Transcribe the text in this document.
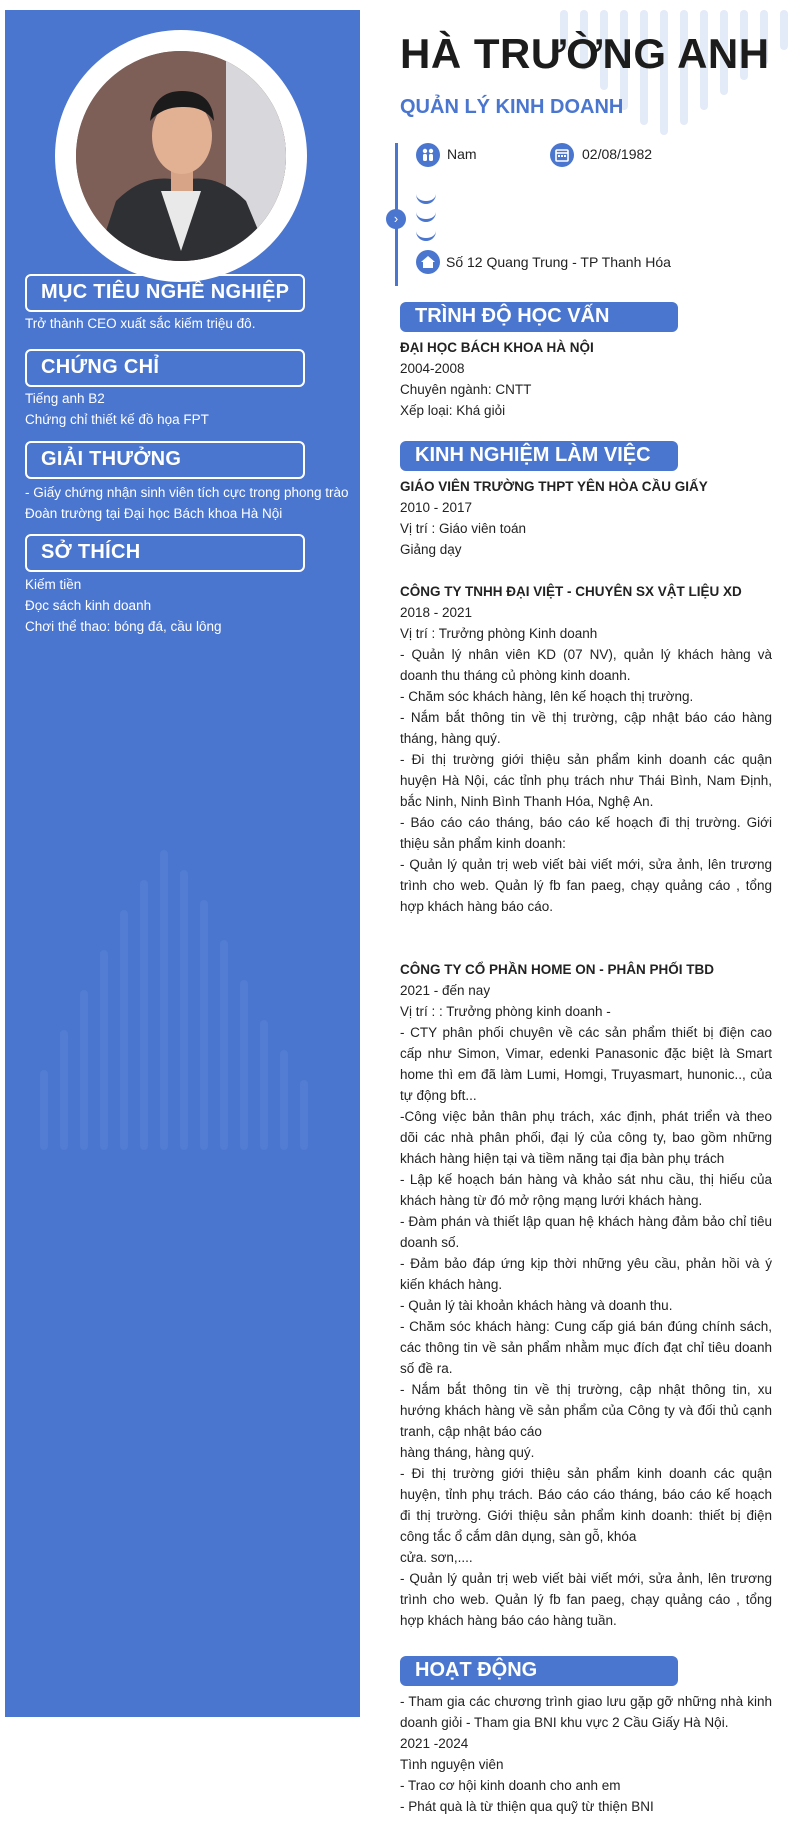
MỤC TIÊU NGHỀ NGHIỆP
Trở thành CEO xuất sắc kiếm triệu đô.
CHỨNG CHỈ
Tiếng anh B2
Chứng chỉ thiết kế đồ họa FPT
GIẢI THƯỞNG
- Giấy chứng nhận sinh viên tích cực trong phong trào Đoàn trường tại Đại học Bách khoa Hà Nội
SỞ THÍCH
Kiếm tiền
Đọc sách kinh doanh
Chơi thể thao: bóng đá, cầu lông
HÀ TRƯỜNG ANH
QUẢN LÝ KINH DOANH
›
Nam	02/08/1982
Số 12 Quang Trung - TP Thanh Hóa
TRÌNH ĐỘ HỌC VẤN
ĐẠI HỌC BÁCH KHOA HÀ NỘI
2004-2008
Chuyên ngành: CNTT
Xếp loại: Khá giỏi
KINH NGHIỆM LÀM VIỆC
GIÁO VIÊN TRƯỜNG THPT YÊN HÒA CẦU GIẤY
2010 - 2017
Vị trí : Giáo viên toán
Giảng dạy
CÔNG TY TNHH ĐẠI VIỆT - CHUYÊN SX VẬT LIỆU XD
2018 - 2021
Vị trí : Trưởng phòng Kinh doanh
- Quản lý nhân viên KD (07 NV), quản lý khách hàng và doanh thu tháng củ phòng kinh doanh.
- Chăm sóc khách hàng, lên kế hoạch thị trường.
- Nắm bắt thông tin về thị trường, cập nhật báo cáo hàng tháng, hàng quý.
- Đi thị trường giới thiệu sản phẩm kinh doanh các quận huyện Hà Nội, các tỉnh phụ trách như Thái Bình, Nam Định, bắc Ninh, Ninh Bình Thanh Hóa, Nghệ An.
- Báo cáo cáo tháng, báo cáo kế hoạch đi thị trường. Giới thiệu sản phẩm kinh doanh:
- Quản lý quản trị web viết bài viết mới, sửa ảnh, lên trương trình cho web. Quản lý fb fan paeg, chạy quảng cáo , tổng hợp khách hàng báo cáo.
CÔNG TY CỔ PHẦN HOME ON - PHÂN PHỐI TBD
2021 - đến nay
Vị trí : : Trưởng phòng kinh doanh -
- CTY phân phối chuyên về các sản phẩm thiết bị điện cao cấp như Simon, Vimar, edenki Panasonic đặc biệt là Smart home thì em đã làm Lumi, Homgi, Truyasmart, hunonic.., của tự động bft...
-Công việc bản thân phụ trách, xác định, phát triển và theo dõi các nhà phân phối, đại lý của công ty, bao gồm những khách hàng hiện tại và tiềm năng tại địa bàn phụ trách
- Lập kế hoạch bán hàng và khảo sát nhu cầu, thị hiếu của khách hàng từ đó mở rộng mạng lưới khách hàng.
- Đàm phán và thiết lập quan hệ khách hàng đảm bảo chỉ tiêu doanh số.
- Đảm bảo đáp ứng kịp thời những yêu cầu, phản hồi và ý kiến khách hàng.
- Quản lý tài khoản khách hàng và doanh thu.
- Chăm sóc khách hàng: Cung cấp giá bán đúng chính sách, các thông tin về sản phẩm nhằm mục đích đạt chỉ tiêu doanh số đề ra.
- Nắm bắt thông tin về thị trường, cập nhật thông tin, xu hướng khách hàng về sản phẩm của Công ty và đối thủ cạnh tranh, cập nhật báo cáo
hàng tháng, hàng quý.
- Đi thị trường giới thiệu sản phẩm kinh doanh các quận huyện, tỉnh phụ trách. Báo cáo cáo tháng, báo cáo kế hoạch đi thị trường. Giới thiệu sản phẩm kinh doanh: thiết bị điện công tắc ổ cắm dân dụng, sàn gỗ, khóa
cửa. sơn,....
- Quản lý quản trị web viết bài viết mới, sửa ảnh, lên trương trình cho web. Quản lý fb fan paeg, chạy quảng cáo , tổng hợp khách hàng báo cáo hàng tuần.
HOẠT ĐỘNG
- Tham gia các chương trình giao lưu gặp gỡ những nhà kinh doanh giỏi - Tham gia BNI khu vực 2 Cầu Giấy Hà Nội.
2021 -2024
Tình nguyện viên
- Trao cơ hội kinh doanh cho anh em
- Phát quà là từ thiện qua quỹ từ thiện BNI
